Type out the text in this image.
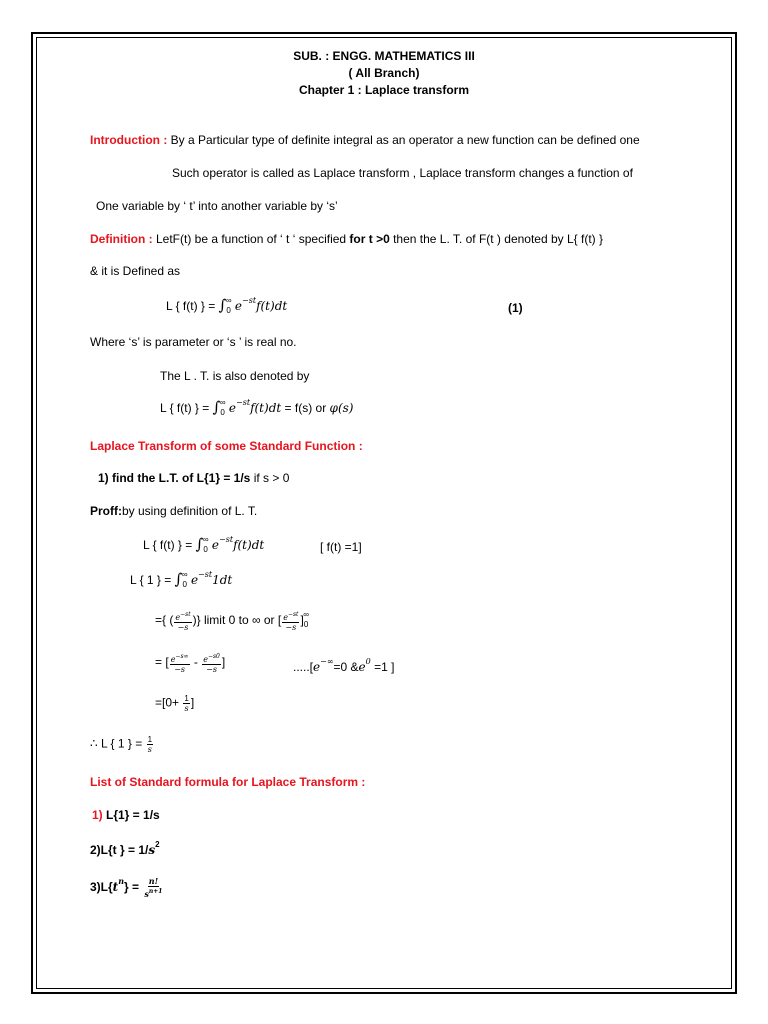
SUB. : ENGG. MATHEMATICS III
( All Branch)
Chapter 1 : Laplace transform
Introduction : By a Particular type of definite integral as an operator a new function can be defined one
Such operator is called as Laplace transform , Laplace transform changes a function of
One variable by ‘ t’ into another variable by ‘s’
Definition : LetF(t) be a function of ‘ t ‘ specified for t >0 then the L. T. of F(t ) denoted by L{ f(t) }
& it is Defined as
L { f(t) } = $\int_0^\infty$ $e^{-st}f(t)dt$	(1)
Where ‘s’ is parameter or ‘s ’ is real no.
The L . T. is also denoted by
L { f(t) } = $\int_0^\infty$ $e^{-st}f(t)dt = f(s)$ or φ(s)
Laplace Transform of some Standard Function :
1) find the L.T. of L{1} = 1/s if s > 0
Proff:by using definition of L. T.
L { f(t) } = $\int_0^\infty$ $e^{-st}f(t)dt$	[ f(t) =1]
L { 1 } = $\int_0^\infty$ $e^{-st}1dt$
={ ( $\frac{e^{-st}}{-s}$ )} limit 0 to ∞ or [ $\frac{e^{-st}}{-s} ]_0^\infty$
= [ $\frac{e^{-s\infty}}{-s} - \frac{e^{-s0}}{-s}$ ]	.....[e−∞=0 $\&e^0 =1$ ]
$=[0+ \frac{1}{s}$ ]
∴ L { 1 } = $\frac{1}{s}$
List of Standard formula for Laplace Transform :
1) L{1} = 1/s
2)L{t } = $1/s^2$
$3)L\{t^n\} = \frac{n!}{s^{n+1}}$
